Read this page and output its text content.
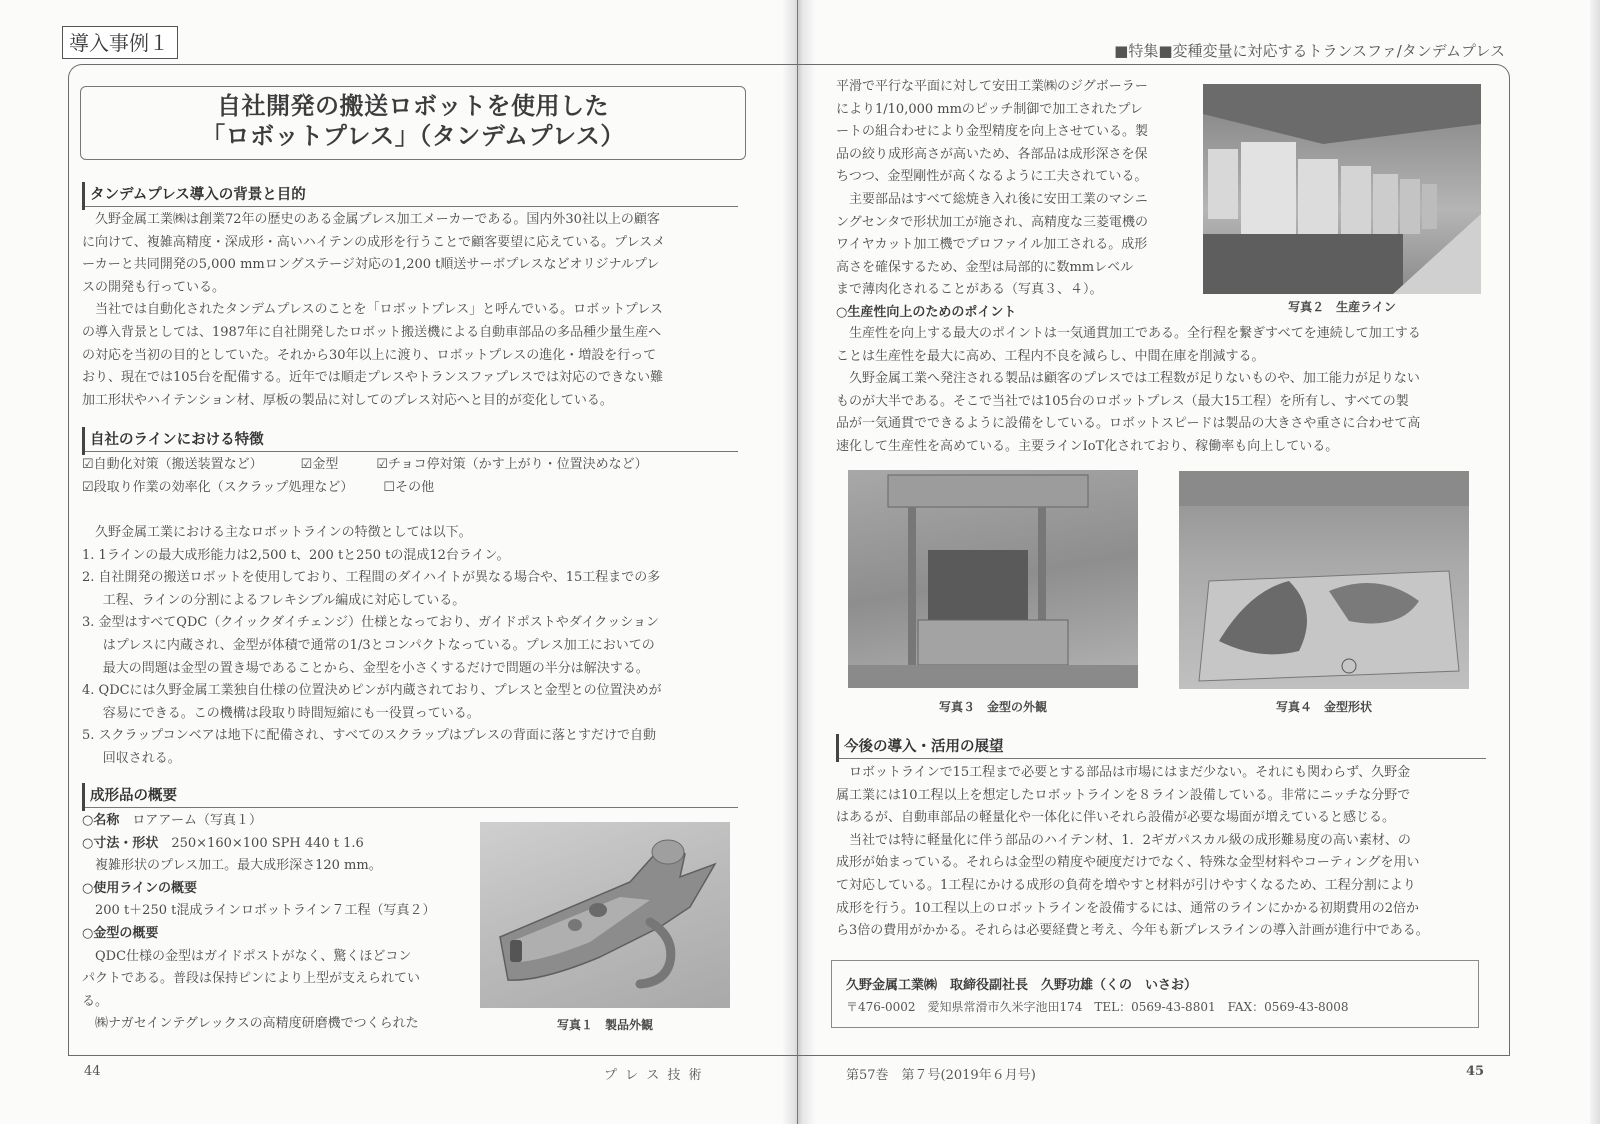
導入事例１
自社開発の搬送ロボットを使用した
「ロボットプレス」（タンデムプレス）
タンデムプレス導入の背景と目的
　久野金属工業㈱は創業72年の歴史のある金属プレス加工メーカーである。国内外30社以上の顧客
に向けて、複雑高精度・深成形・高いハイテンの成形を行うことで顧客要望に応えている。プレスメ
ーカーと共同開発の5,000 mmロングステージ対応の1,200 t順送サーボプレスなどオリジナルプレ
スの開発も行っている。
　当社では自動化されたタンデムプレスのことを「ロボットプレス」と呼んでいる。ロボットプレス
の導入背景としては、1987年に自社開発したロボット搬送機による自動車部品の多品種少量生産へ
の対応を当初の目的としていた。それから30年以上に渡り、ロボットプレスの進化・増設を行って
おり、現在では105台を配備する。近年では順走プレスやトランスファプレスでは対応のできない難
加工形状やハイテンション材、厚板の製品に対してのプレス対応へと目的が変化している。
自社のラインにおける特徴
☑自動化対策（搬送装置など）	☑金型	☑チョコ停対策（かす上がり・位置決めなど）
☑段取り作業の効率化（スクラップ処理など） ☐その他
　久野金属工業における主なロボットラインの特徴としては以下。
1. 1ラインの最大成形能力は2,500 t、200 tと250 tの混成12台ライン。
2. 自社開発の搬送ロボットを使用しており、工程間のダイハイトが異なる場合や、15工程までの多
工程、ラインの分割によるフレキシブル編成に対応している。
3. 金型はすべてQDC（クイックダイチェンジ）仕様となっており、ガイドポストやダイクッション
はプレスに内蔵され、金型が体積で通常の1/3とコンパクトなっている。プレス加工においての
最大の問題は金型の置き場であることから、金型を小さくするだけで問題の半分は解決する。
4. QDCには久野金属工業独自仕様の位置決めピンが内蔵されており、プレスと金型との位置決めが
容易にできる。この機構は段取り時間短縮にも一役買っている。
5. スクラップコンベアは地下に配備され、すべてのスクラップはプレスの背面に落とすだけで自動
回収される。
成形品の概要
○名称　 ロアアーム（写真１）
○寸法・形状　 250×160×100 SPH 440 t 1.6
　複雑形状のプレス加工。最大成形深さ120 mm。
○使用ラインの概要
　200 t＋250 t混成ラインロボットライン７工程（写真２）
○金型の概要
　QDC仕様の金型はガイドポストがなく、驚くほどコン
パクトである。普段は保持ピンにより上型が支えられてい
る。
　㈱ナガセインテグレックスの高精度研磨機でつくられた	写真１　製品外観
44	プ レ ス 技 術
■特集■変種変量に対応するトランスファ/タンデムプレス
平滑で平行な平面に対して安田工業㈱のジグボーラー
により1/10,000 mmのピッチ制御で加工されたプレ
ートの組合わせにより金型精度を向上させている。製
品の絞り成形高さが高いため、各部品は成形深さを保
ちつつ、金型剛性が高くなるように工夫されている。
　主要部品はすべて総焼き入れ後に安田工業のマシニ
ングセンタで形状加工が施され、高精度な三菱電機の
ワイヤカット加工機でプロファイル加工される。成形
高さを確保するため、金型は局部的に数mmレベル
まで薄肉化されることがある（写真３、４）。
○生産性向上のためのポイント	写真２　生産ライン
　生産性を向上する最大のポイントは一気通貫加工である。全行程を繋ぎすべてを連続して加工する
ことは生産性を最大に高め、工程内不良を減らし、中間在庫を削減する。
　久野金属工業へ発注される製品は顧客のプレスでは工程数が足りないものや、加工能力が足りない
ものが大半である。そこで当社では105台のロボットプレス（最大15工程）を所有し、すべての製
品が一気通貫でできるように設備をしている。ロボットスピードは製品の大きさや重さに合わせて高
速化して生産性を高めている。主要ラインIoT化されており、稼働率も向上している。
写真３　金型の外観	写真４　金型形状
今後の導入・活用の展望
　ロボットラインで15工程まで必要とする部品は市場にはまだ少ない。それにも関わらず、久野金
属工業には10工程以上を想定したロボットラインを８ライン設備している。非常にニッチな分野で
はあるが、自動車部品の軽量化や一体化に伴いそれら設備が必要な場面が増えていると感じる。
　当社では特に軽量化に伴う部品のハイテン材、1．2ギガパスカル級の成形難易度の高い素材、の
成形が始まっている。それらは金型の精度や硬度だけでなく、特殊な金型材料やコーティングを用い
て対応している。1工程にかける成形の負荷を増やすと材料が引けやすくなるため、工程分割により
成形を行う。10工程以上のロボットラインを設備するには、通常のラインにかかる初期費用の2倍か
ら3倍の費用がかかる。それらは必要経費と考え、今年も新プレスラインの導入計画が進行中である。
久野金属工業㈱　取締役副社長　久野功雄（くの　いさお）
〒476-0002　愛知県常滑市久米字池田174　TEL：0569-43-8801　FAX：0569-43-8008
第57巻　第７号(2019年６月号)	45
